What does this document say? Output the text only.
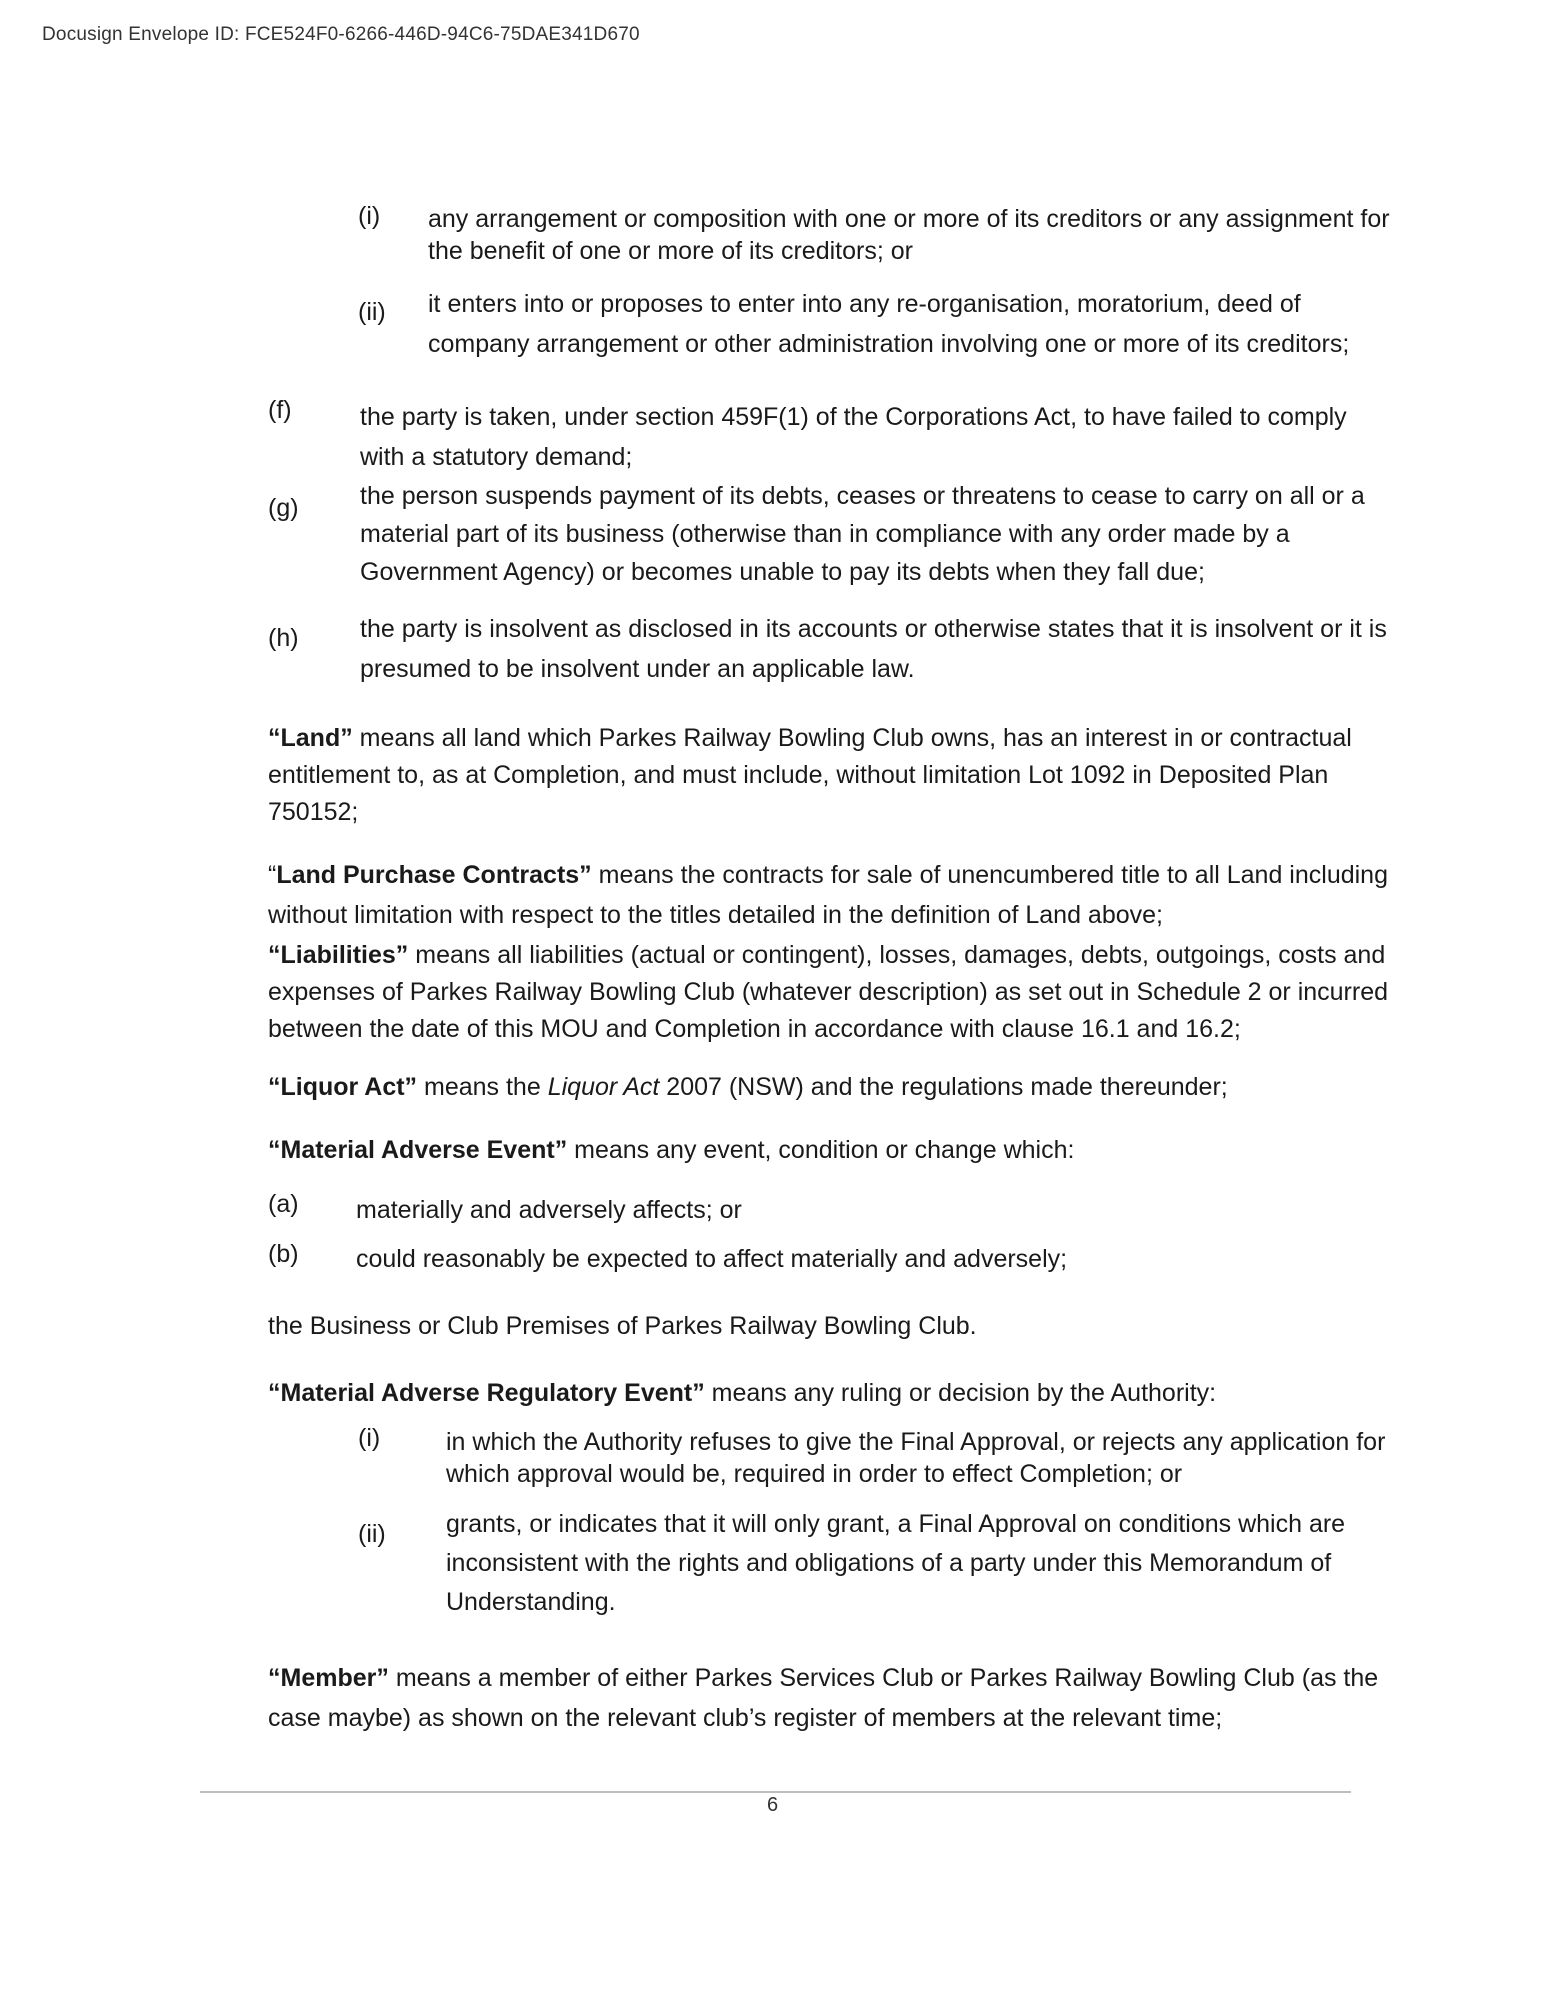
Docusign Envelope ID: FCE524F0-6266-446D-94C6-75DAE341D670
(i) any arrangement or composition with one or more of its creditors or any assignment for the benefit of one or more of its creditors; or

(ii) it enters into or proposes to enter into any re-organisation, moratorium, deed of company arrangement or other administration involving one or more of its creditors;

(f)	the party is taken, under section 459F(1) of the Corporations Act, to have failed to comply with a statutory demand;

(g) the person suspends payment of its debts, ceases or threatens to cease to carry on all or a material part of its business (otherwise than in compliance with any order made by a Government Agency) or becomes unable to pay its debts when they fall due;

(h) the party is insolvent as disclosed in its accounts or otherwise states that it is insolvent or it is presumed to be insolvent under an applicable law.

“Land” means all land which Parkes Railway Bowling Club owns, has an interest in or contractual entitlement to, as at Completion, and must include, without limitation Lot 1092 in Deposited Plan 750152;

“Land Purchase Contracts” means the contracts for sale of unencumbered title to all Land including without limitation with respect to the titles detailed in the definition of Land above;

“Liabilities” means all liabilities (actual or contingent), losses, damages, debts, outgoings, costs and expenses of Parkes Railway Bowling Club (whatever description) as set out in Schedule 2 or incurred between the date of this MOU and Completion in accordance with clause 16.1 and 16.2;

“Liquor Act” means the Liquor Act 2007 (NSW) and the regulations made thereunder;

“Material Adverse Event” means any event, condition or change which:

(a) materially and adversely affects; or

(b) could reasonably be expected to affect materially and adversely;

the Business or Club Premises of Parkes Railway Bowling Club.

“Material Adverse Regulatory Event” means any ruling or decision by the Authority:

(i)	in which the Authority refuses to give the Final Approval, or rejects any application for which approval would be, required in order to effect Completion; or

(ii) grants, or indicates that it will only grant, a Final Approval on conditions which are inconsistent with the rights and obligations of a party under this Memorandum of Understanding.

“Member” means a member of either Parkes Services Club or Parkes Railway Bowling Club (as the case maybe) as shown on the relevant club’s register of members at the relevant time;

6
